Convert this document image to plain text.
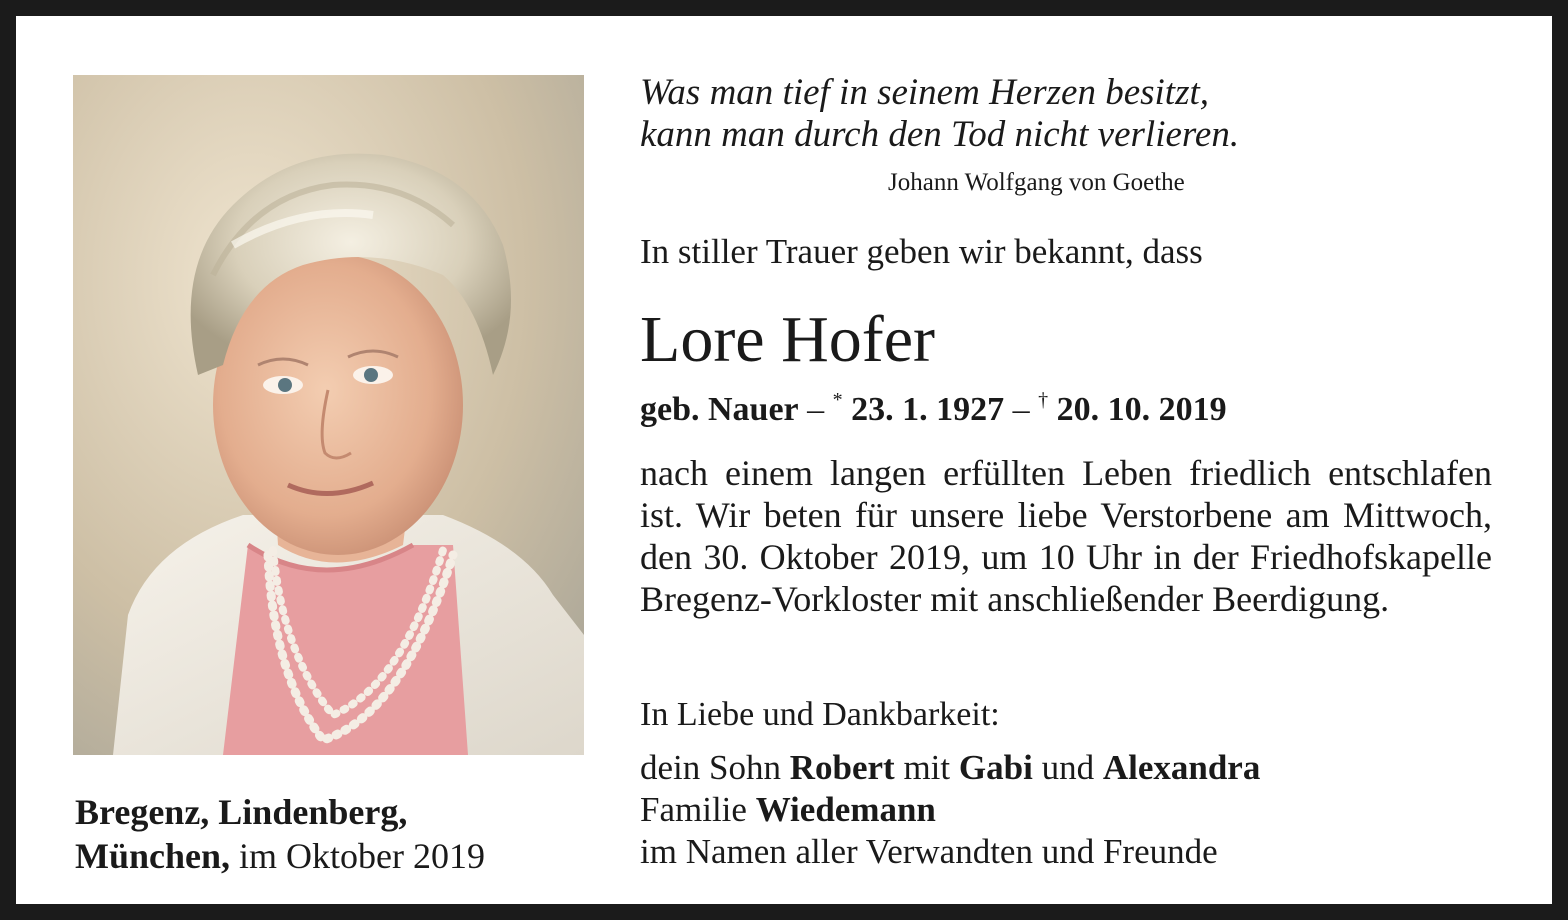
Bregenz, Lindenberg,
München, im Oktober 2019
Was man tief in seinem Herzen besitzt,
kann man durch den Tod nicht verlieren.
Johann Wolfgang von Goethe
In stiller Trauer geben wir bekannt, dass
Lore Hofer
geb. Nauer – * 23. 1. 1927 – † 20. 10. 2019
nach einem langen erfüllten Leben friedlich entschlafen ist. Wir beten für unsere liebe Verstorbene am Mittwoch, den 30. Oktober 2019, um 10 Uhr in der Friedhofskapelle Bregenz-Vorkloster mit anschließender Beerdigung.
In Liebe und Dankbarkeit:
dein Sohn Robert mit Gabi und Alexandra
Familie Wiedemann
im Namen aller Verwandten und Freunde
